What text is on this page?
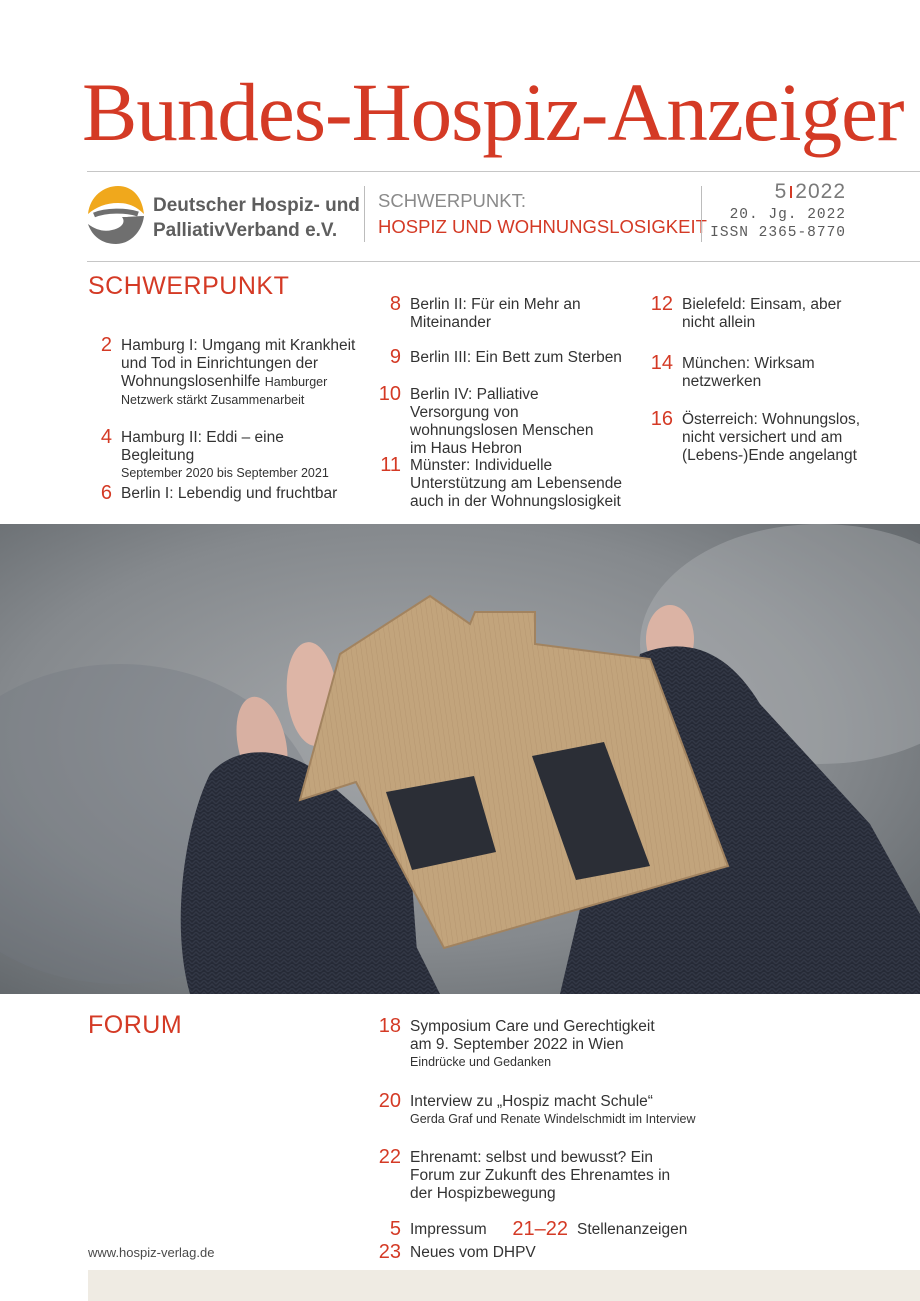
Bundes-Hospiz-Anzeiger
Deutscher Hospiz- und
PalliativVerband e.V.
SCHWERPUNKT:
HOSPIZ UND WOHNUNGSLOSIGKEIT
5 2022
20. Jg. 2022
ISSN 2365-8770
SCHWERPUNKT
2 Hamburg I: Umgang mit Krankheit und Tod in Einrichtungen der Wohnungslosenhilfe Hamburger Netzwerk stärkt Zusammenarbeit
4 Hamburg II: Eddi – eine Begleitung
September 2020 bis September 2021
6 Berlin I: Lebendig und fruchtbar
8 Berlin II: Für ein Mehr an Miteinander
9 Berlin III: Ein Bett zum Sterben
10 Berlin IV: Palliative Versorgung von wohnungslosen Menschen im Haus Hebron
11 Münster: Individuelle Unterstützung am Lebensende auch in der Wohnungslosigkeit
12 Bielefeld: Einsam, aber nicht allein
14 München: Wirksam netzwerken
16 Österreich: Wohnungslos, nicht versichert und am (Lebens-)Ende angelangt
FORUM	18 Symposium Care und Gerechtigkeit am 9. September 2022 in Wien
Eindrücke und Gedanken
20 Interview zu „Hospiz macht Schule“
Gerda Graf und Renate Windelschmidt im Interview
22 Ehrenamt: selbst und bewusst? Ein Forum zur Zukunft des Ehrenamtes in der Hospizbewegung
5 Impressum	21–22 Stellenanzeigen
23 Neues vom DHPV
www.hospiz-verlag.de
